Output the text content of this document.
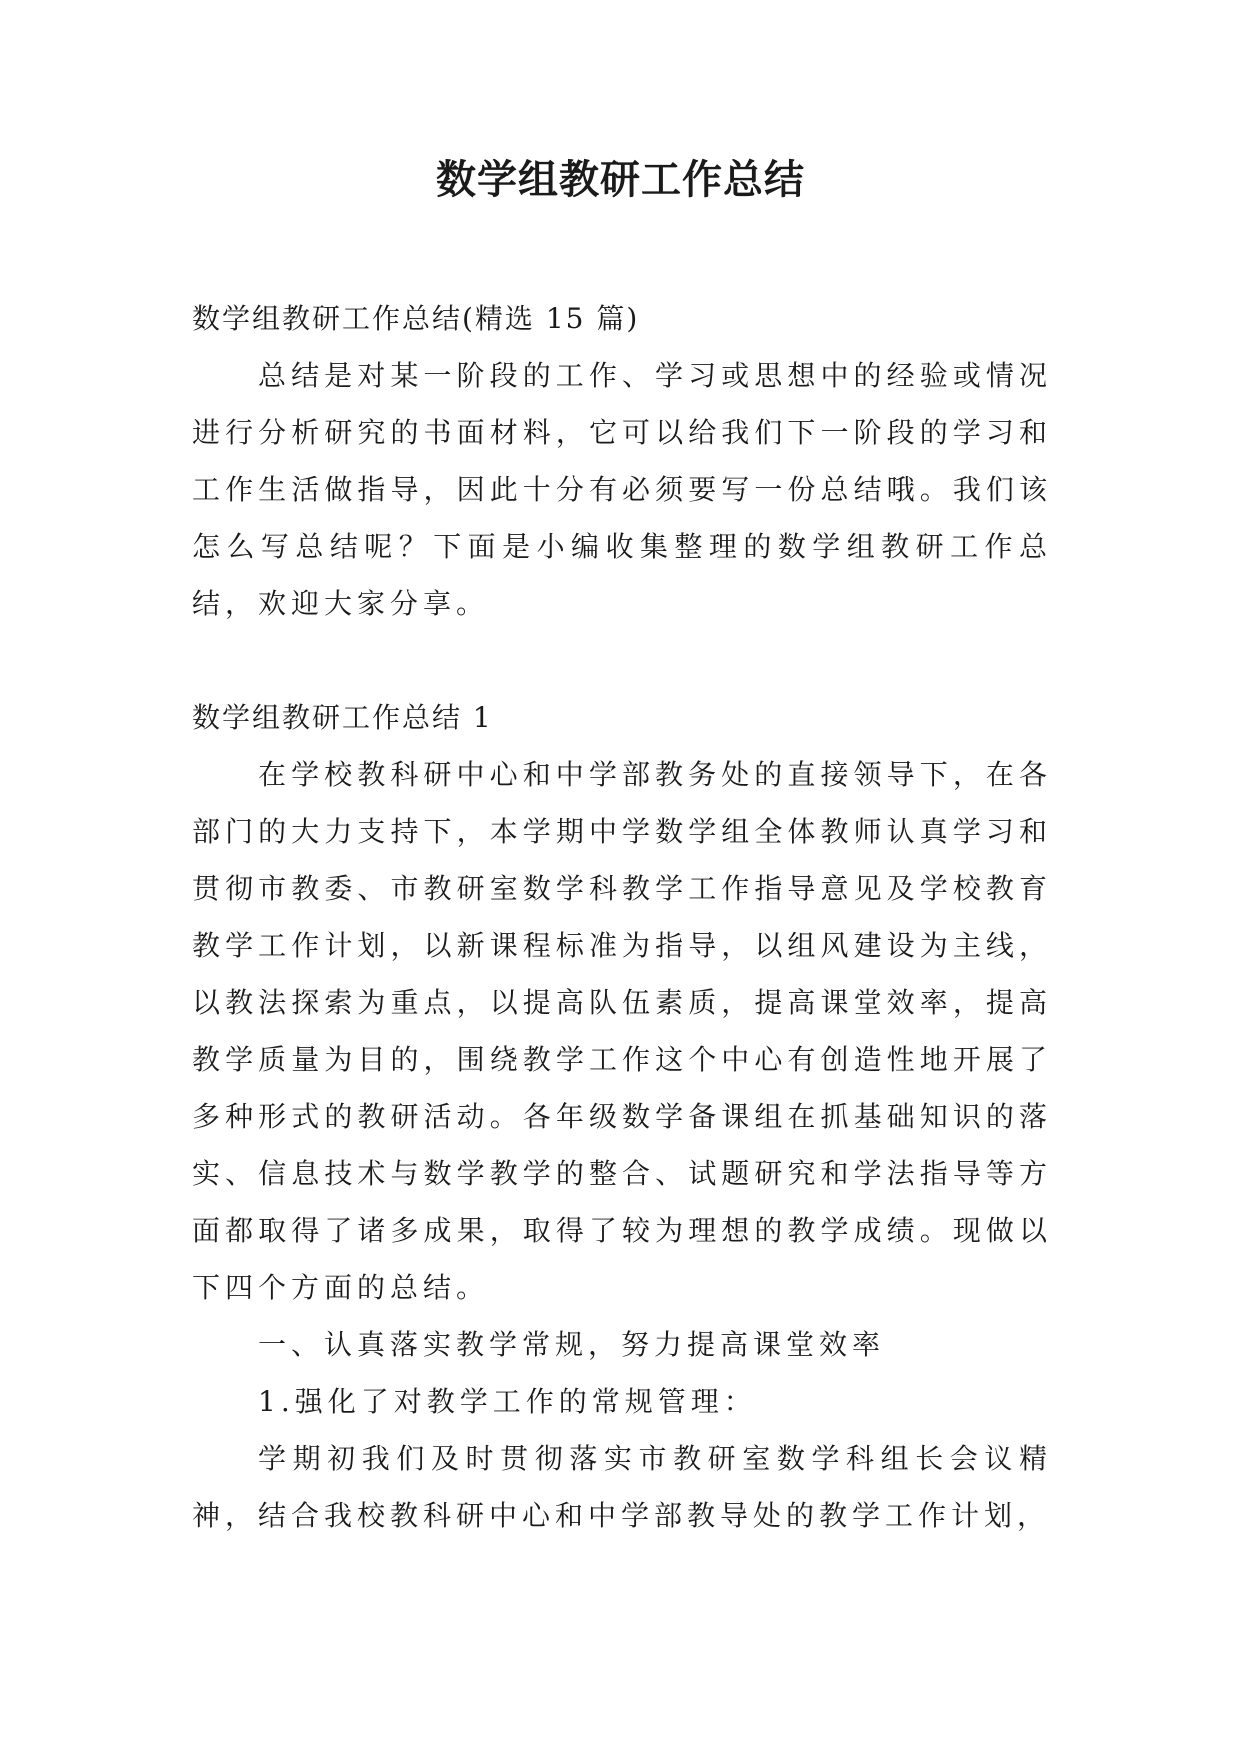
数学组教研工作总结

数学组教研工作总结(精选 15 篇)

总结是对某一阶段的工作、学习或思想中的经验或情况进行分析研究的书面材料，它可以给我们下一阶段的学习和工作生活做指导，因此十分有必须要写一份总结哦。我们该怎么写总结呢？下面是小编收集整理的数学组教研工作总结，欢迎大家分享。

数学组教研工作总结 1

在学校教科研中心和中学部教务处的直接领导下，在各部门的大力支持下，本学期中学数学组全体教师认真学习和贯彻市教委、市教研室数学科教学工作指导意见及学校教育教学工作计划，以新课程标准为指导，以组风建设为主线，以教法探索为重点，以提高队伍素质，提高课堂效率，提高教学质量为目的，围绕教学工作这个中心有创造性地开展了多种形式的教研活动。各年级数学备课组在抓基础知识的落实、信息技术与数学教学的整合、试题研究和学法指导等方面都取得了诸多成果，取得了较为理想的教学成绩。现做以下四个方面的总结。

一、认真落实教学常规，努力提高课堂效率

1.强化了对教学工作的常规管理：

学期初我们及时贯彻落实市教研室数学科组长会议精神，结合我校教科研中心和中学部教导处的教学工作计划，
